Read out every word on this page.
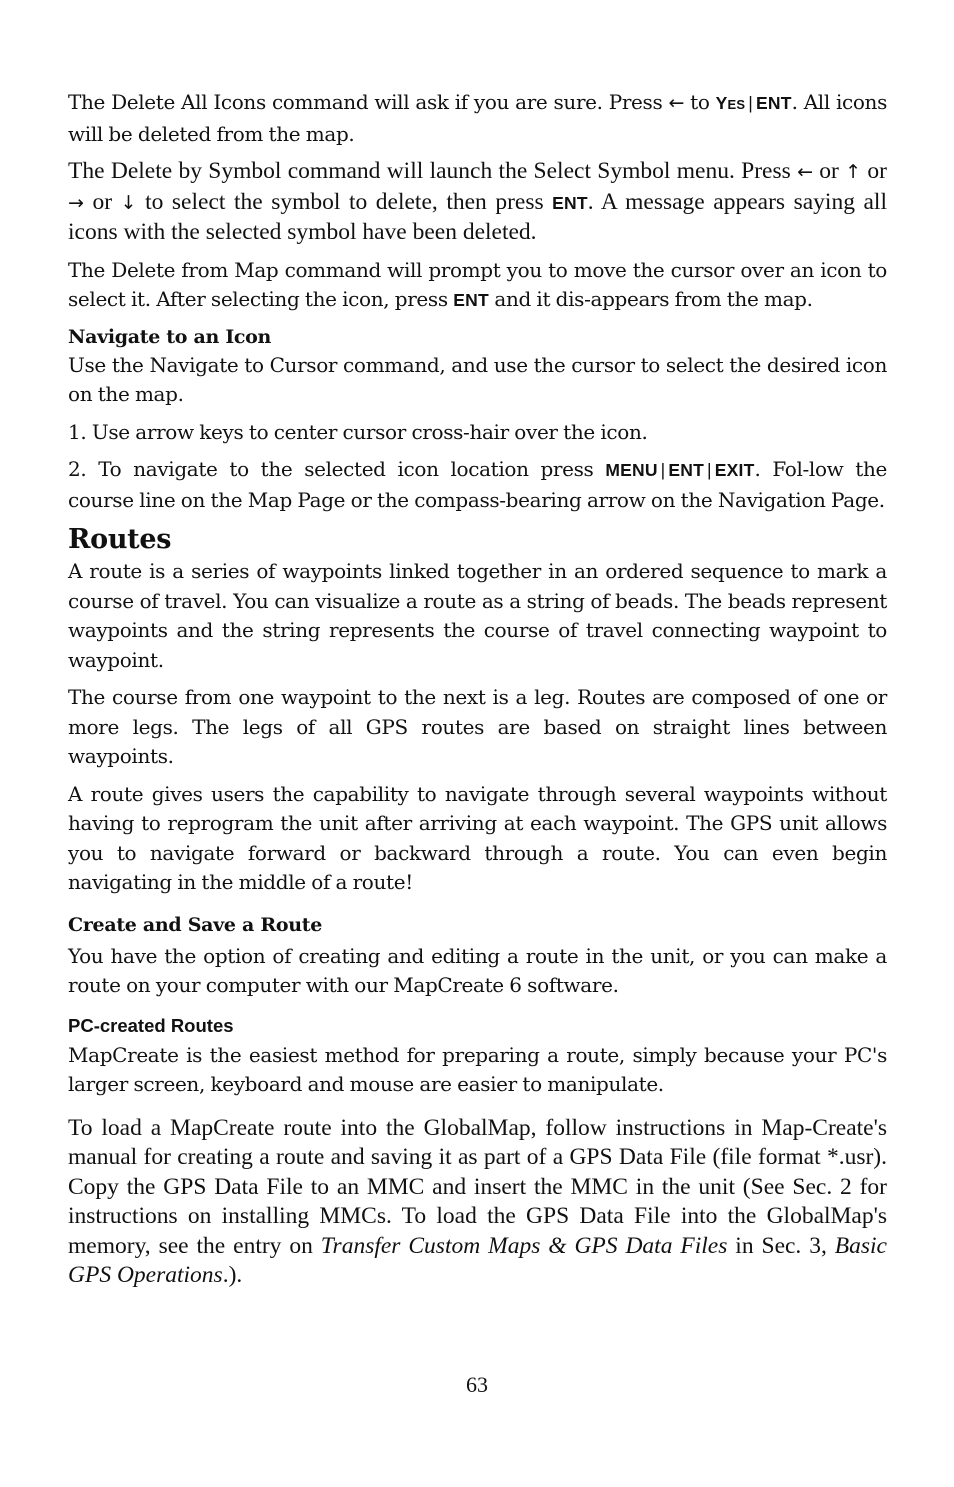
The Delete All Icons command will ask if you are sure. Press ← to YES | ENT. All icons will be deleted from the map.

The Delete by Symbol command will launch the Select Symbol menu. Press ← or ↑ or → or ↓ to select the symbol to delete, then press ENT. A message appears saying all icons with the selected symbol have been deleted.

The Delete from Map command will prompt you to move the cursor over an icon to select it. After selecting the icon, press ENT and it dis-appears from the map.

Navigate to an Icon

Use the Navigate to Cursor command, and use the cursor to select the desired icon on the map.

1. Use arrow keys to center cursor cross-hair over the icon.

2. To navigate to the selected icon location press MENU | ENT | EXIT. Fol-low the course line on the Map Page or the compass-bearing arrow on the Navigation Page.

Routes

A route is a series of waypoints linked together in an ordered sequence to mark a course of travel. You can visualize a route as a string of beads. The beads represent waypoints and the string represents the course of travel connecting waypoint to waypoint.

The course from one waypoint to the next is a leg. Routes are composed of one or more legs. The legs of all GPS routes are based on straight lines between waypoints.

A route gives users the capability to navigate through several waypoints without having to reprogram the unit after arriving at each waypoint. The GPS unit allows you to navigate forward or backward through a route. You can even begin navigating in the middle of a route!

Create and Save a Route

You have the option of creating and editing a route in the unit, or you can make a route on your computer with our MapCreate 6 software.

PC-created Routes

MapCreate is the easiest method for preparing a route, simply because your PC's larger screen, keyboard and mouse are easier to manipulate.

To load a MapCreate route into the GlobalMap, follow instructions in Map-Create's manual for creating a route and saving it as part of a GPS Data File (file format *.usr). Copy the GPS Data File to an MMC and insert the MMC in the unit (See Sec. 2 for instructions on installing MMCs. To load the GPS Data File into the GlobalMap's memory, see the entry on Transfer Custom Maps & GPS Data Files in Sec. 3, Basic GPS Operations.).

63
